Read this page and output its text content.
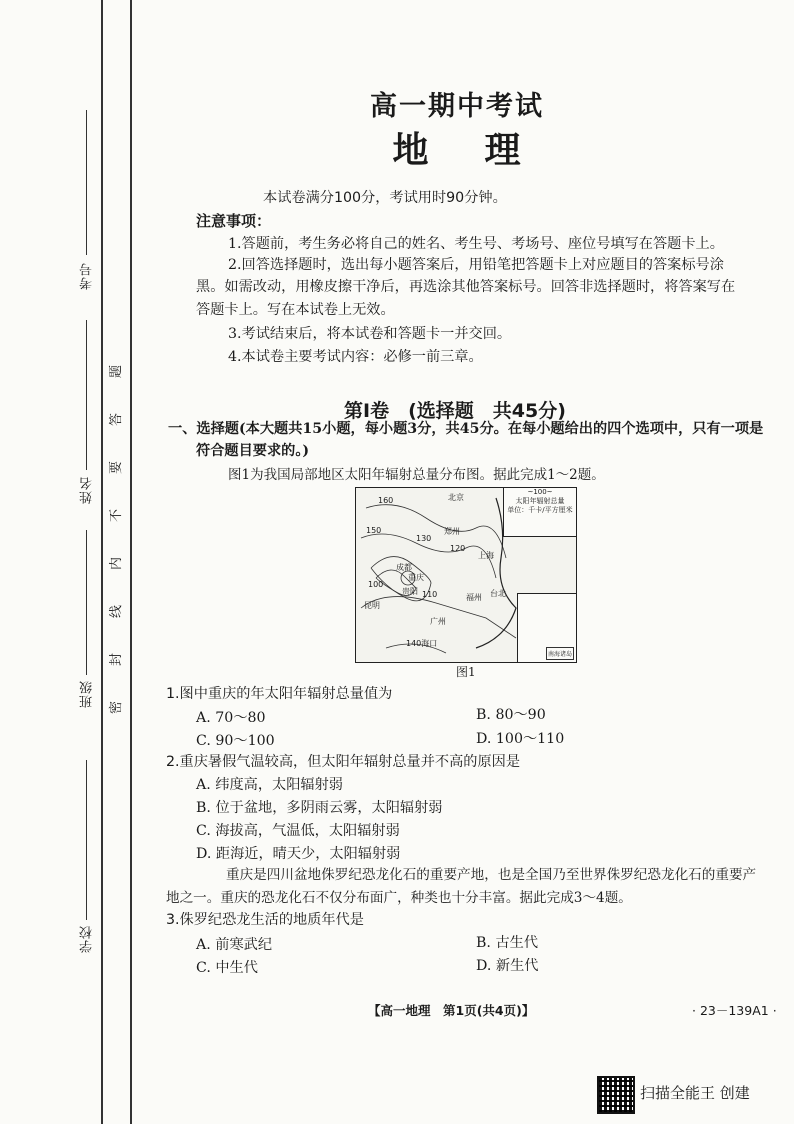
考号
姓名
班级
学校
题
答
要
不
内
线
封
密
高一期中考试
地理
本试卷满分100分，考试用时90分钟。
注意事项：
1.答题前，考生务必将自己的姓名、考生号、考场号、座位号填写在答题卡上。
2.回答选择题时，选出每小题答案后，用铅笔把答题卡上对应题目的答案标号涂
黑。如需改动，用橡皮擦干净后，再选涂其他答案标号。回答非选择题时，将答案写在
答题卡上。写在本试卷上无效。
3.考试结束后，将本试卷和答题卡一并交回。
4.本试卷主要考试内容：必修一前三章。
第Ⅰ卷　(选择题　共45分)
一、选择题(本大题共15小题，每小题3分，共45分。在每小题给出的四个选项中，只有一项是
符合题目要求的。)
图1为我国局部地区太阳年辐射总量分布图。据此完成1～2题。
北京
郑州
成都
重庆
贵阳
上海
福州 台北
广州
140海口
昆明
160
150
130
120
110
100
~100~
太阳年辐射总量
单位：千卡/平方厘米
南海诸岛
图1
1.图中重庆的年太阳年辐射总量值为
A. 70～80	B. 80～90
C. 90～100	D. 100～110
2.重庆暑假气温较高，但太阳年辐射总量并不高的原因是
A. 纬度高，太阳辐射弱
B. 位于盆地，多阴雨云雾，太阳辐射弱
C. 海拔高，气温低，太阳辐射弱
D. 距海近，晴天少，太阳辐射弱
重庆是四川盆地侏罗纪恐龙化石的重要产地，也是全国乃至世界侏罗纪恐龙化石的重要产
地之一。重庆的恐龙化石不仅分布面广，种类也十分丰富。据此完成3～4题。
3.侏罗纪恐龙生活的地质年代是
A. 前寒武纪	B. 古生代
C. 中生代	D. 新生代
【高一地理　第1页(共4页)】	· 23－139A1 ·
扫描全能王 创建
